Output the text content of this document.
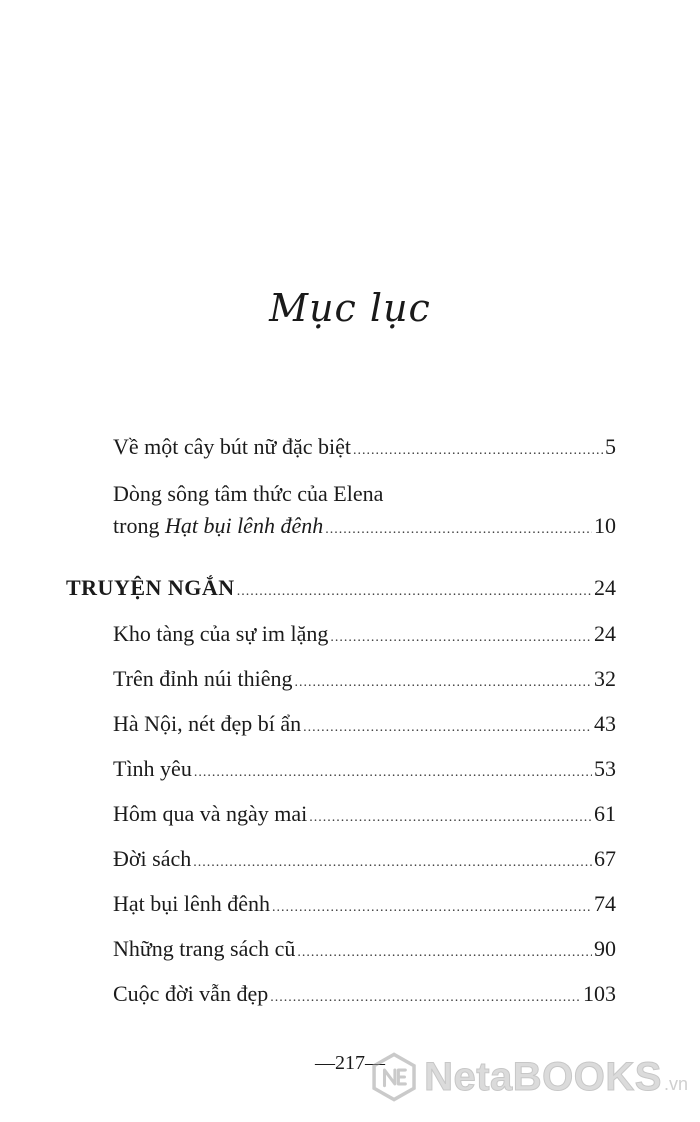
Mục lục
Về một cây bút nữ đặc biệt .....	5
Dòng sông tâm thức của Elena
trong Hạt bụi lênh đênh .....	10
TRUYỆN NGẮN .....	24
Kho tàng của sự im lặng .....	24
Trên đỉnh núi thiêng .....	32
Hà Nội, nét đẹp bí ẩn .....	43
Tình yêu .....	53
Hôm qua và ngày mai .....	61
Đời sách .....	67
Hạt bụi lênh đênh .....	74
Những trang sách cũ .....	90
Cuộc đời vẫn đẹp .....	103
—217— NetaBOOKS .vn
